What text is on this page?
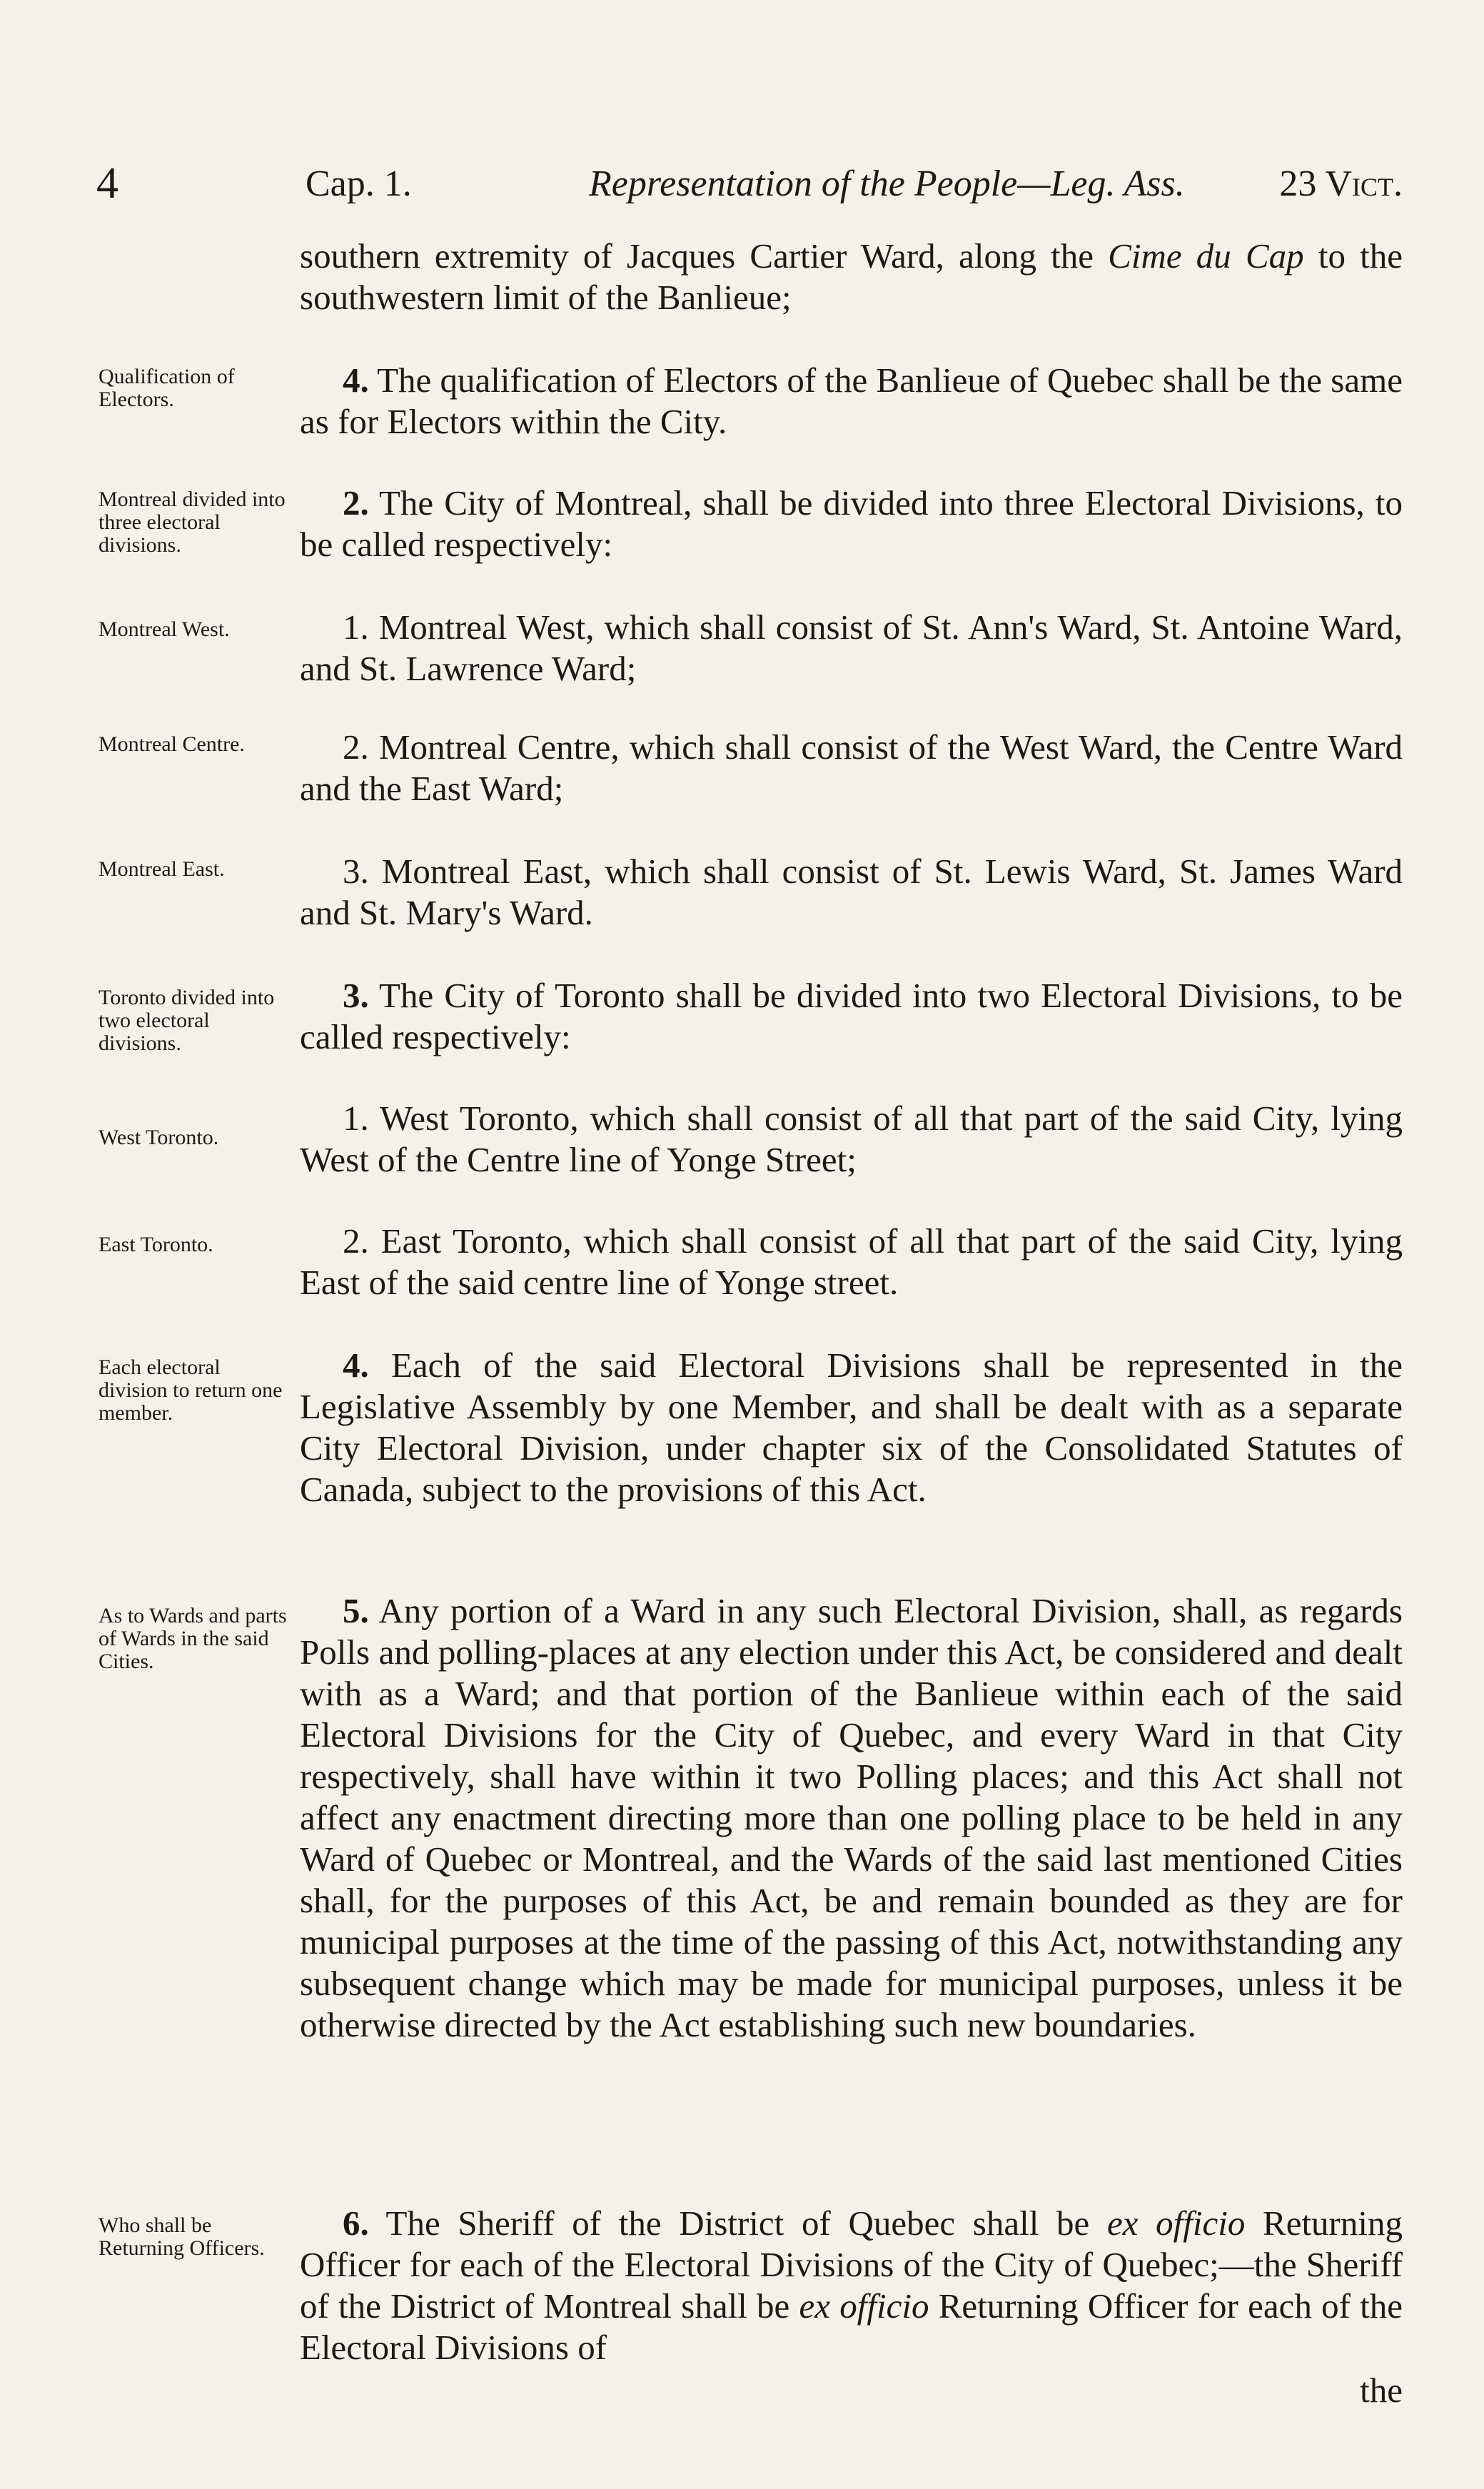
4	Cap. 1.	Representation of the People—Leg. Ass.	23 Vict.

southern extremity of Jacques Cartier Ward, along the Cime du Cap to the southwestern limit of the Banlieue;

Qualification of Electors.	4. The qualification of Electors of the Banlieue of Quebec shall be the same as for Electors within the City.

Montreal divided into three electoral divisions.

2. The City of Montreal, shall be divided into three Electoral Divisions, to be called respectively:

Montreal West.	1. Montreal West, which shall consist of St. Ann's Ward, St. Antoine Ward, and St. Lawrence Ward;

Montreal Centre.	2. Montreal Centre, which shall consist of the West Ward, the Centre Ward and the East Ward;

Montreal East.	3. Montreal East, which shall consist of St. Lewis Ward, St. James Ward and St. Mary's Ward.

Toronto divided into two electoral divisions.

3. The City of Toronto shall be divided into two Electoral Divisions, to be called respectively:

West Toronto.	1. West Toronto, which shall consist of all that part of the said City, lying West of the Centre line of Yonge Street;

East Toronto.	2. East Toronto, which shall consist of all that part of the said City, lying East of the said centre line of Yonge street.

Each electoral division to return one member.

4. Each of the said Electoral Divisions shall be represented in the Legislative Assembly by one Member, and shall be dealt with as a separate City Electoral Division, under chapter six of the Consolidated Statutes of Canada, subject to the provisions of this Act.

As to Wards and parts of Wards in the said Cities.

5. Any portion of a Ward in any such Electoral Division, shall, as regards Polls and polling-places at any election under this Act, be considered and dealt with as a Ward; and that portion of the Banlieue within each of the said Electoral Divisions for the City of Quebec, and every Ward in that City respectively, shall have within it two Polling places; and this Act shall not affect any enactment directing more than one polling place to be held in any Ward of Quebec or Montreal, and the Wards of the said last mentioned Cities shall, for the purposes of this Act, be and remain bounded as they are for municipal purposes at the time of the passing of this Act, notwithstanding any subsequent change which may be made for municipal purposes, unless it be otherwise directed by the Act establishing such new boundaries.

Who shall be Returning Officers.

6. The Sheriff of the District of Quebec shall be ex officio Returning Officer for each of the Electoral Divisions of the City of Quebec;—the Sheriff of the District of Montreal shall be ex officio Returning Officer for each of the Electoral Divisions of

the
